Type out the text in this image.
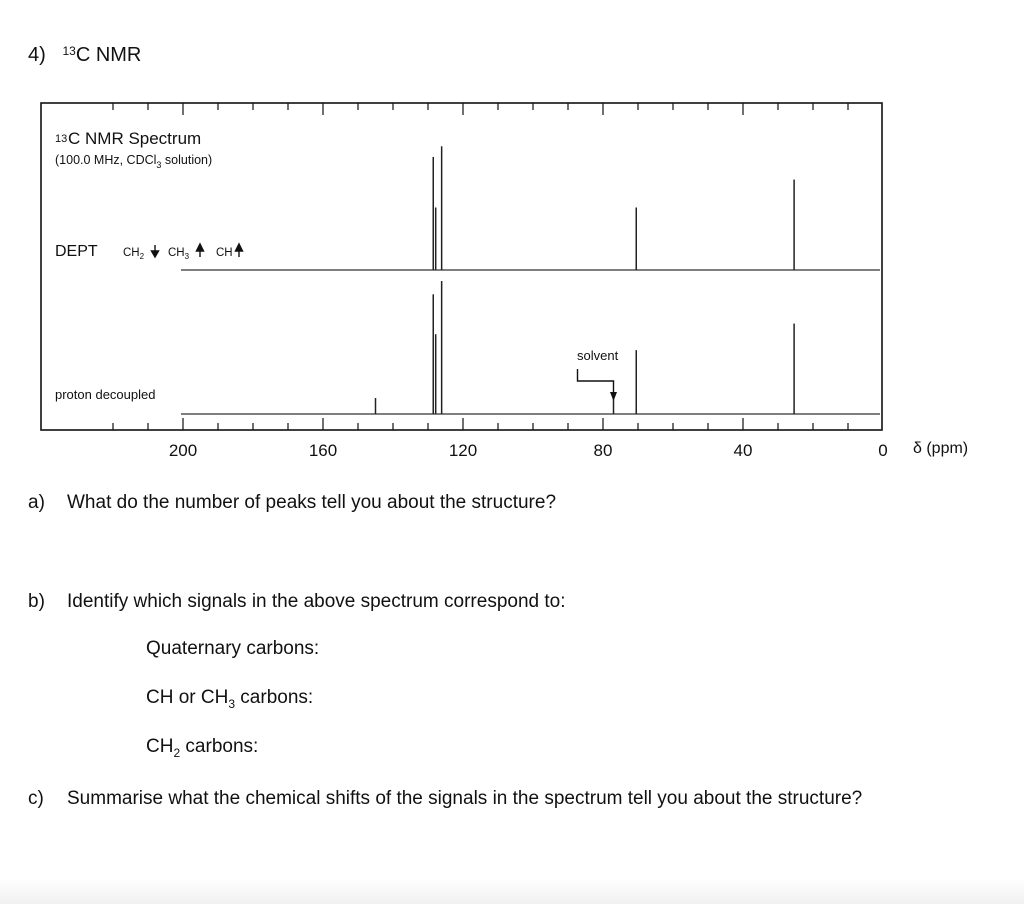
4) $^{13}$C NMR
13 C NMR Spectrum
(100.0 MHz, CDCl$_3$ solution)
DEPT $CH_2$ $CH_3$ CH
proton decoupled
solvent
200	160	120	80	40	0 δ (ppm)
a) What do the number of peaks tell you about the structure?
b) Identify which signals in the above spectrum correspond to:
Quaternary carbons:
CH or $CH_3$ carbons:
$CH_2$ carbons:
c) Summarise what the chemical shifts of the signals in the spectrum tell you about the structure?
